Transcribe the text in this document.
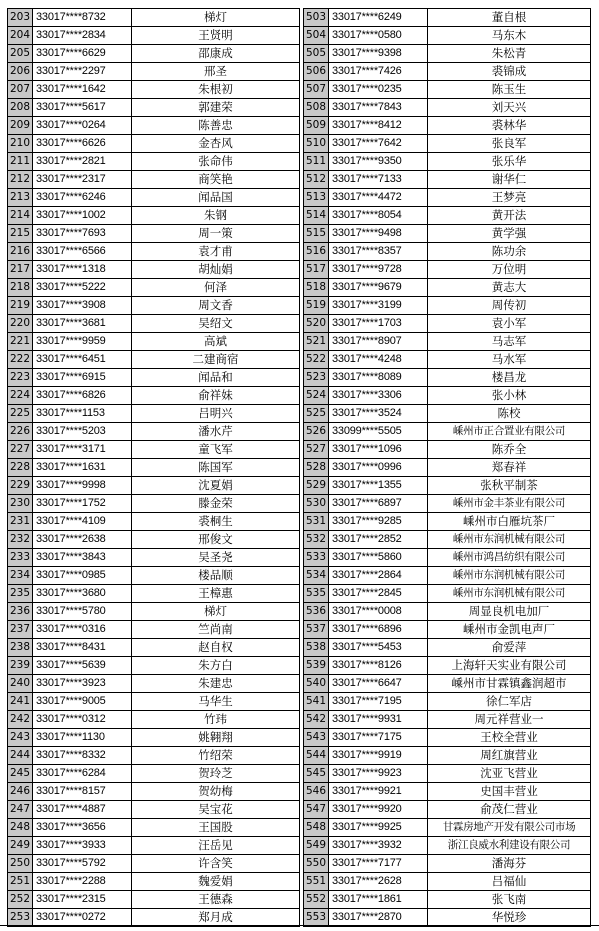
203	33017****8732	梯灯		503	33017****6249	董自根
204	33017****2834	王贤明		504	33017****0580	马东木
205	33017****6629	邵康成		505	33017****9398	朱松青
206	33017****2297	邢圣		506	33017****7426	裘锦成
207	33017****1642	朱根初		507	33017****0235	陈玉生
208	33017****5617	郭建荣		508	33017****7843	刘天兴
209	33017****0264	陈善忠		509	33017****8412	裘林华
210	33017****6626	金杏风		510	33017****7642	张良军
211	33017****2821	张命伟		511	33017****9350	张乐华
212	33017****2317	商笑艳		512	33017****7133	谢华仁
213	33017****6246	闻品国		513	33017****4472	王梦亮
214	33017****1002	朱钢		514	33017****8054	黄开法
215	33017****7693	周一策		515	33017****9498	黄学强
216	33017****6566	袁才甫		516	33017****8357	陈功余
217	33017****1318	胡灿娟		517	33017****9728	万位明
218	33017****5222	何泽		518	33017****9679	黄志大
219	33017****3908	周文香		519	33017****3199	周传初
220	33017****3681	吴绍文		520	33017****1703	袁小军
221	33017****9959	高斌		521	33017****8907	马志军
222	33017****6451	二建商宿		522	33017****4248	马水军
223	33017****6915	闻品和		523	33017****8089	楼昌龙
224	33017****6826	俞祥妹		524	33017****3306	张小林
225	33017****1153	吕明兴		525	33017****3524	陈校
226	33017****5203	潘水芹		526	33099****5505	嵊州市正合置业有限公司
227	33017****3171	童飞军		527	33017****1096	陈乔全
228	33017****1631	陈国军		528	33017****0996	郑春祥
229	33017****9998	沈夏娟		529	33017****1355	张秋平制茶
230	33017****1752	滕金荣		530	33017****6897	嵊州市金丰茶业有限公司
231	33017****4109	裘桐生		531	33017****9285	嵊州市白雁坑茶厂
232	33017****2638	邢俊文		532	33017****2852	嵊州市东润机械有限公司
233	33017****3843	吴圣尧		533	33017****5860	嵊州市鸿昌纺织有限公司
234	33017****0985	楼品顺		534	33017****2864	嵊州市东润机械有限公司
235	33017****3680	王樟惠		535	33017****2845	嵊州市东润机械有限公司
236	33017****5780	梯灯		536	33017****0008	周显良机电加厂
237	33017****0316	竺尚南		537	33017****6896	嵊州市金凯电声厂
238	33017****8431	赵自权		538	33017****5453	俞爱萍
239	33017****5639	朱方白		539	33017****8126	上海轩天实业有限公司
240	33017****3923	朱建忠		540	33017****6647	嵊州市甘霖镇鑫润超市
241	33017****9005	马华生		541	33017****7195	徐仁军店
242	33017****0312	竹玮		542	33017****9931	周元祥营业一
243	33017****1130	姚翱翔		543	33017****7175	王校全营业
244	33017****8332	竹绍荣		544	33017****9919	周红旗营业
245	33017****6284	贺玲芝		545	33017****9923	沈亚飞营业
246	33017****8157	贺幼梅		546	33017****9921	史国丰营业
247	33017****4887	吴宝花		547	33017****9920	俞茂仁营业
248	33017****3656	王国股		548	33017****9925	甘霖房地产开发有限公司市场
249	33017****3933	汪岳见		549	33017****3932	浙江良威水利建设有限公司
250	33017****5792	许含笑		550	33017****7177	潘海芬
251	33017****2288	魏爱娟		551	33017****2628	吕福仙
252	33017****2315	王德森		552	33017****1861	张飞南
253	33017****0272	郑月成		553	33017****2870	华悦珍
